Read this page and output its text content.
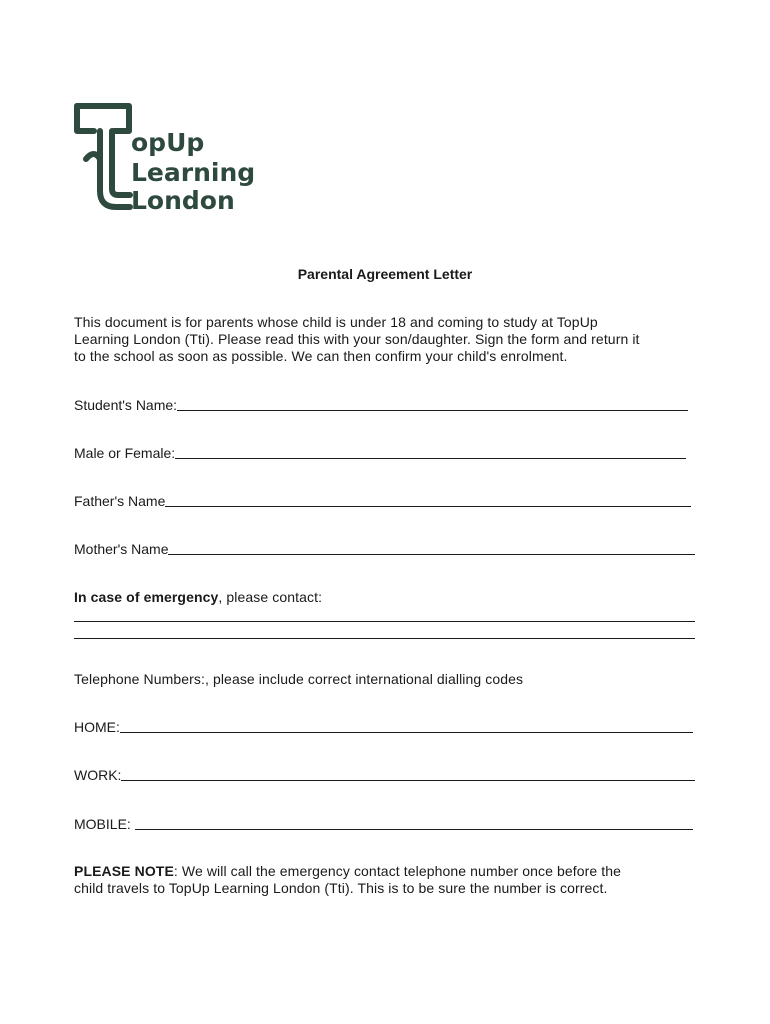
opUp
Learning
London
Parental Agreement Letter
This document is for parents whose child is under 18 and coming to study at TopUp
Learning London (Tti). Please read this with your son/daughter. Sign the form and return it
to the school as soon as possible. We can then confirm your child's enrolment.
Student's Name:
Male or Female:
Father's Name
Mother's Name
In case of emergency, please contact:
Telephone Numbers:, please include correct international dialling codes
HOME:
WORK:
MOBILE:
PLEASE NOTE: We will call the emergency contact telephone number once before the
child travels to TopUp Learning London (Tti). This is to be sure the number is correct.
